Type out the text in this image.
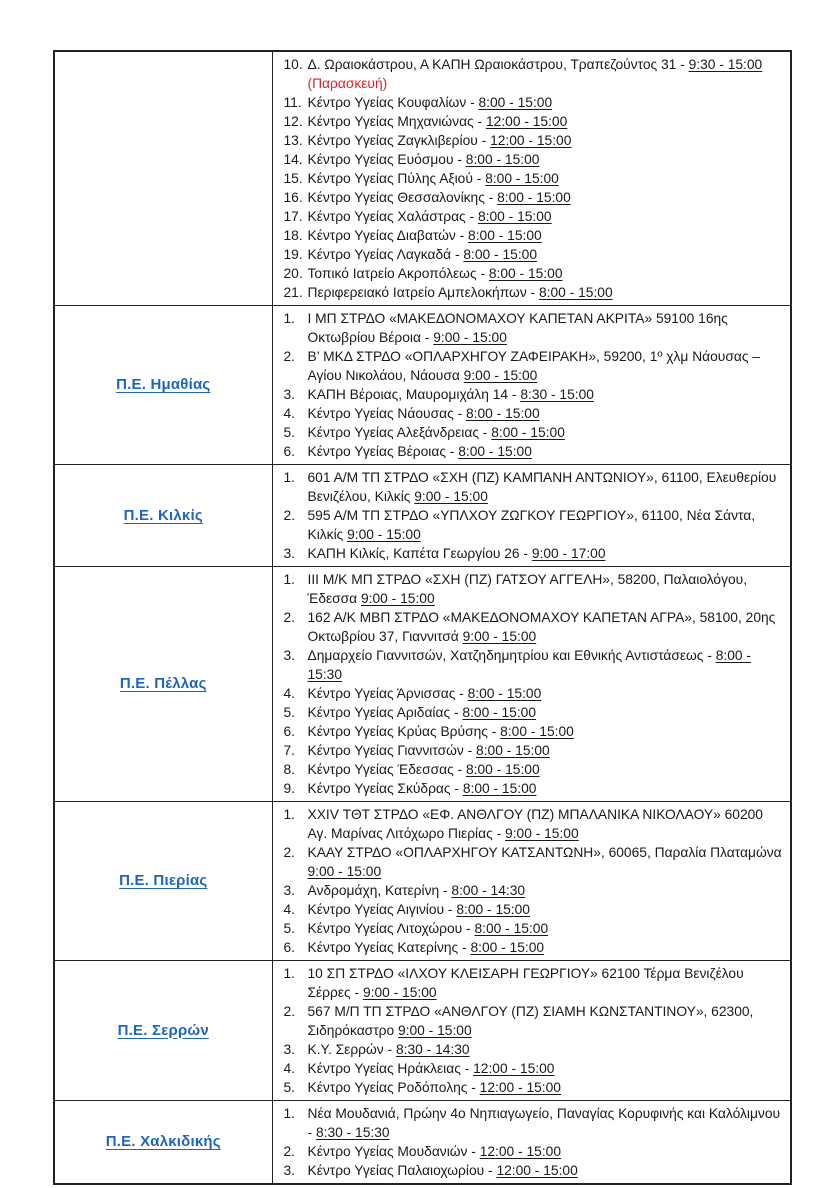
10. Δ. Ωραιοκάστρου, Α ΚΑΠΗ Ωραιοκάστρου, Τραπεζούντος 31 - 9:30 - 15:00 (Παρασκευή)
11. Κέντρο Υγείας Κουφαλίων - 8:00 - 15:00
12. Κέντρο Υγείας Μηχανιώνας - 12:00 - 15:00
13. Κέντρο Υγείας Ζαγκλιβερίου - 12:00 - 15:00
14. Κέντρο Υγείας Ευόσμου - 8:00 - 15:00
15. Κέντρο Υγείας Πύλης Αξιού - 8:00 - 15:00
16. Κέντρο Υγείας Θεσσαλονίκης - 8:00 - 15:00
17. Κέντρο Υγείας Χαλάστρας - 8:00 - 15:00
18. Κέντρο Υγείας Διαβατών - 8:00 - 15:00
19. Κέντρο Υγείας Λαγκαδά - 8:00 - 15:00
20. Τοπικό Ιατρείο Ακροπόλεως - 8:00 - 15:00
21. Περιφερειακό Ιατρείο Αμπελοκήπων - 8:00 - 15:00

Π.Ε. Ημαθίας	
1. Ι ΜΠ ΣΤΡΔΟ «ΜΑΚΕΔΟΝΟΜΑΧΟΥ ΚΑΠΕΤΑΝ ΑΚΡΙΤΑ» 59100 16ης Οκτωβρίου Βέροια - 9:00 - 15:00
2. Β’ ΜΚΔ ΣΤΡΔΟ «ΟΠΛΑΡΧΗΓΟΥ ΖΑΦΕΙΡΑΚΗ», 59200, 1º χλμ Νάουσας – Αγίου Νικολάου, Νάουσα 9:00 - 15:00
3. ΚΑΠΗ Βέροιας, Μαυρομιχάλη 14 - 8:30 - 15:00
4. Κέντρο Υγείας Νάουσας - 8:00 - 15:00
5. Κέντρο Υγείας Αλεξάνδρειας - 8:00 - 15:00
6. Κέντρο Υγείας Βέροιας - 8:00 - 15:00

Π.Ε. Κιλκίς	
1. 601 Α/Μ ΤΠ ΣΤΡΔΟ «ΣΧΗ (ΠΖ) ΚΑΜΠΑΝΗ ΑΝΤΩΝΙΟΥ», 61100, Ελευθερίου Βενιζέλου, Κιλκίς 9:00 - 15:00
2. 595 Α/Μ ΤΠ ΣΤΡΔΟ «ΥΠΛΧΟΥ ΖΩΓΚΟΥ ΓΕΩΡΓΙΟΥ», 61100, Νέα Σάντα, Κιλκίς 9:00 - 15:00
3. ΚΑΠΗ Κιλκίς, Καπέτα Γεωργίου 26 - 9:00 - 17:00

Π.Ε. Πέλλας	
1. ΙΙΙ Μ/Κ ΜΠ ΣΤΡΔΟ «ΣΧΗ (ΠΖ) ΓΑΤΣΟΥ ΑΓΓΕΛΗ», 58200, Παλαιολόγου, Έδεσσα 9:00 - 15:00
2. 162 Α/Κ ΜΒΠ ΣΤΡΔΟ «ΜΑΚΕΔΟΝΟΜΑΧΟΥ ΚΑΠΕΤΑΝ ΑΓΡΑ», 58100, 20ης Οκτωβρίου 37, Γιαννιτσά 9:00 - 15:00
3. Δημαρχείο Γιαννιτσών, Χατζηδημητρίου και Εθνικής Αντιστάσεως - 8:00 - 15:30
4. Κέντρο Υγείας Άρνισσας - 8:00 - 15:00
5. Κέντρο Υγείας Αριδαίας - 8:00 - 15:00
6. Κέντρο Υγείας Κρύας Βρύσης - 8:00 - 15:00
7. Κέντρο Υγείας Γιαννιτσών - 8:00 - 15:00
8. Κέντρο Υγείας Έδεσσας - 8:00 - 15:00
9. Κέντρο Υγείας Σκύδρας - 8:00 - 15:00

Π.Ε. Πιερίας	
1. XXIV ΤΘΤ ΣΤΡΔΟ «ΕΦ. ΑΝΘΛΓΟΥ (ΠΖ) ΜΠΑΛΑΝΙΚΑ ΝΙΚΟΛΑΟΥ» 60200 Αγ. Μαρίνας Λιτόχωρο Πιερίας - 9:00 - 15:00
2. ΚΑΑΥ ΣΤΡΔΟ «ΟΠΛΑΡΧΗΓΟΥ ΚΑΤΣΑΝΤΩΝΗ», 60065, Παραλία Πλαταμώνα 9:00 - 15:00
3. Ανδρομάχη, Κατερίνη - 8:00 - 14:30
4. Κέντρο Υγείας Αιγινίου - 8:00 - 15:00
5. Κέντρο Υγείας Λιτοχώρου - 8:00 - 15:00
6. Κέντρο Υγείας Κατερίνης - 8:00 - 15:00

Π.Ε. Σερρών	
1. 10 ΣΠ ΣΤΡΔΟ «ΙΛΧΟΥ ΚΛΕΙΣΑΡΗ ΓΕΩΡΓΙΟΥ» 62100 Τέρμα Βενιζέλου Σέρρες - 9:00 - 15:00
2. 567 Μ/Π ΤΠ ΣΤΡΔΟ «ΑΝΘΛΓΟΥ (ΠΖ) ΣΙΑΜΗ ΚΩΝΣΤΑΝΤΙΝΟΥ», 62300, Σιδηρόκαστρο 9:00 - 15:00
3. Κ.Υ. Σερρών - 8:30 - 14:30
4. Κέντρο Υγείας Ηράκλειας - 12:00 - 15:00
5. Κέντρο Υγείας Ροδόπολης - 12:00 - 15:00

Π.Ε. Χαλκιδικής	
1. Νέα Μουδανιά, Πρώην 4ο Νηπιαγωγείο, Παναγίας Κορυφινής και Καλόλιμνου - 8:30 - 15:30
2. Κέντρο Υγείας Μουδανιών - 12:00 - 15:00
3. Κέντρο Υγείας Παλαιοχωρίου - 12:00 - 15:00
